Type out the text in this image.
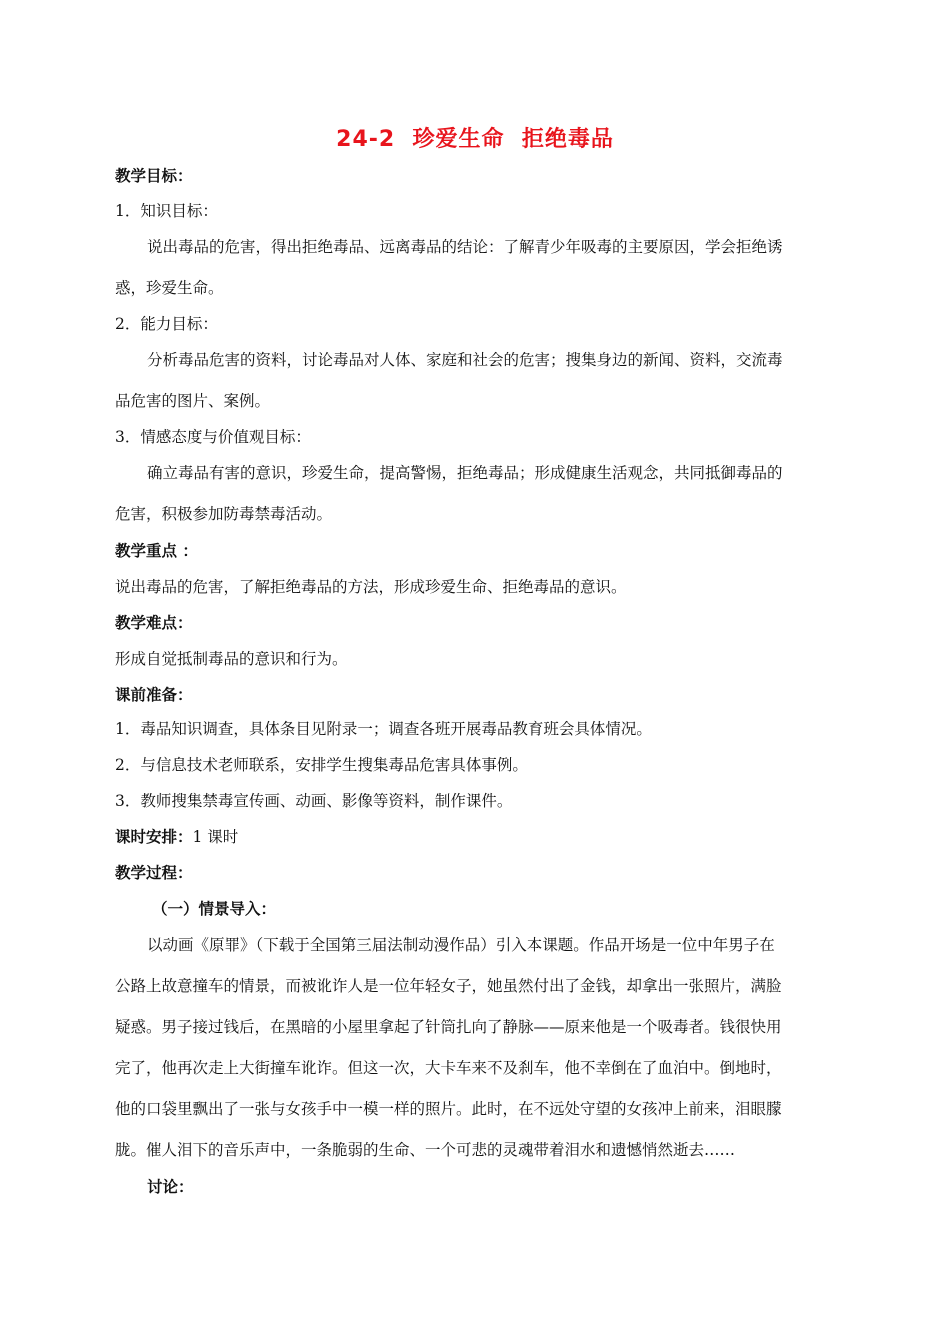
24-2  珍爱生命  拒绝毒品
教学目标：
1．知识目标：
说出毒品的危害，得出拒绝毒品、远离毒品的结论：了解青少年吸毒的主要原因，学会拒绝诱
惑，珍爱生命。
2．能力目标：
分析毒品危害的资料，讨论毒品对人体、家庭和社会的危害；搜集身边的新闻、资料，交流毒
品危害的图片、案例。
3．情感态度与价值观目标：
确立毒品有害的意识，珍爱生命，提高警惕，拒绝毒品；形成健康生活观念，共同抵御毒品的
危害，积极参加防毒禁毒活动。
教学重点 ：
说出毒品的危害，了解拒绝毒品的方法，形成珍爱生命、拒绝毒品的意识。
教学难点：
形成自觉抵制毒品的意识和行为。
课前准备：
1．毒品知识调查，具体条目见附录一；调查各班开展毒品教育班会具体情况。
2．与信息技术老师联系，安排学生搜集毒品危害具体事例。
3．教师搜集禁毒宣传画、动画、影像等资料，制作课件。
课时安排：1 课时
教学过程：
（一）情景导入：
以动画《原罪》（下载于全国第三届法制动漫作品）引入本课题。作品开场是一位中年男子在
公路上故意撞车的情景，而被讹诈人是一位年轻女子，她虽然付出了金钱，却拿出一张照片，满脸
疑惑。男子接过钱后，在黑暗的小屋里拿起了针筒扎向了静脉——原来他是一个吸毒者。钱很快用
完了，他再次走上大街撞车讹诈。但这一次，大卡车来不及刹车，他不幸倒在了血泊中。倒地时，
他的口袋里飘出了一张与女孩手中一模一样的照片。此时，在不远处守望的女孩冲上前来，泪眼朦
胧。催人泪下的音乐声中，一条脆弱的生命、一个可悲的灵魂带着泪水和遗憾悄然逝去……
讨论：
